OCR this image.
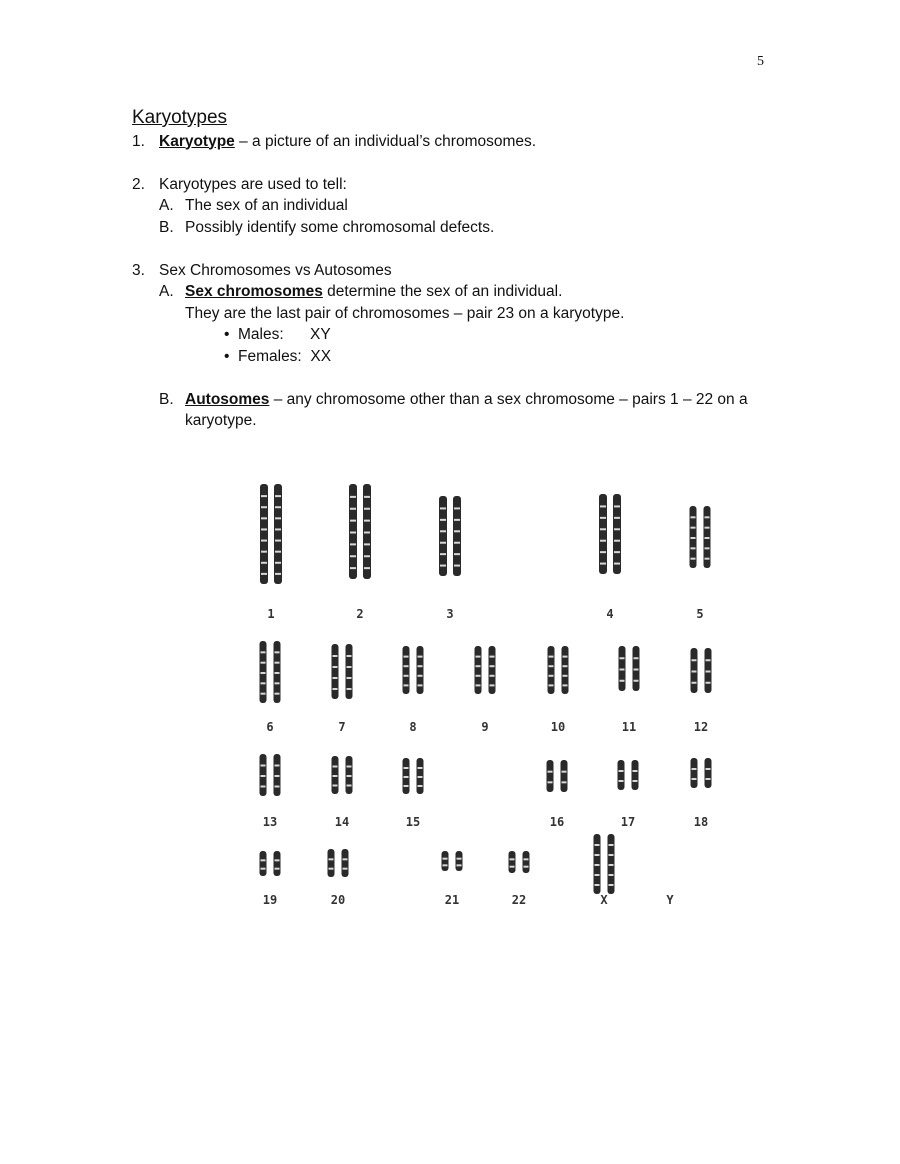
5
Karyotypes
1. Karyotype – a picture of an individual’s chromosomes.
2. Karyotypes are used to tell:
A. The sex of an individual
B. Possibly identify some chromosomal defects.
3. Sex Chromosomes vs Autosomes
A. Sex chromosomes determine the sex of an individual.
They are the last pair of chromosomes – pair 23 on a karyotype.
• Males: XY
• Females: XX
B. Autosomes – any chromosome other than a sex chromosome – pairs 1 – 22 on a karyotype.
1	2	3	4	5
6	7	8	9	10	11	12
13	14	15	16	17	18
19	20	21	22	X	Y
